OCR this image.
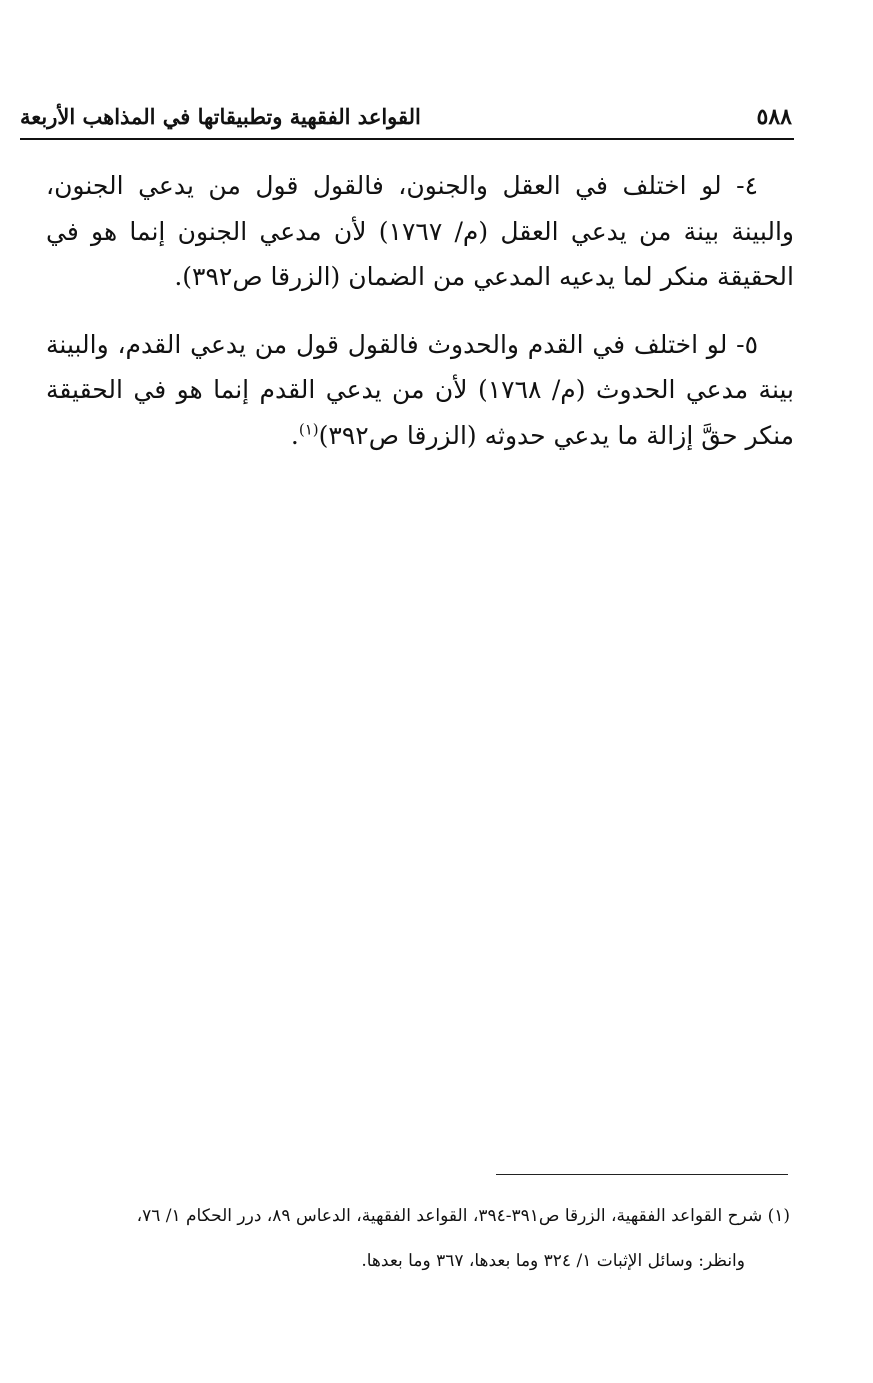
٥٨٨
القواعد الفقهية وتطبيقاتها في المذاهب الأربعة

٤- لو اختلف في العقل والجنون، فالقول قول من يدعي الجنون، والبينة بينة من يدعي العقل (م/ ١٧٦٧) لأن مدعي الجنون إنما هو في الحقيقة منكر لما يدعيه المدعي من الضمان (الزرقا ص٣٩٢).

٥- لو اختلف في القدم والحدوث فالقول قول من يدعي القدم، والبينة بينة مدعي الحدوث (م/ ١٧٦٨) لأن من يدعي القدم إنما هو في الحقيقة منكر حقَّ إزالة ما يدعي حدوثه (الزرقا ص٣٩٢)$^{(١)}$.

(١) شرح القواعد الفقهية، الزرقا ص٣٩١-٣٩٤، القواعد الفقهية، الدعاس ٨٩، درر الحكام ١/ ٧٦،

وانظر: وسائل الإثبات ١/ ٣٢٤ وما بعدها، ٣٦٧ وما بعدها.
